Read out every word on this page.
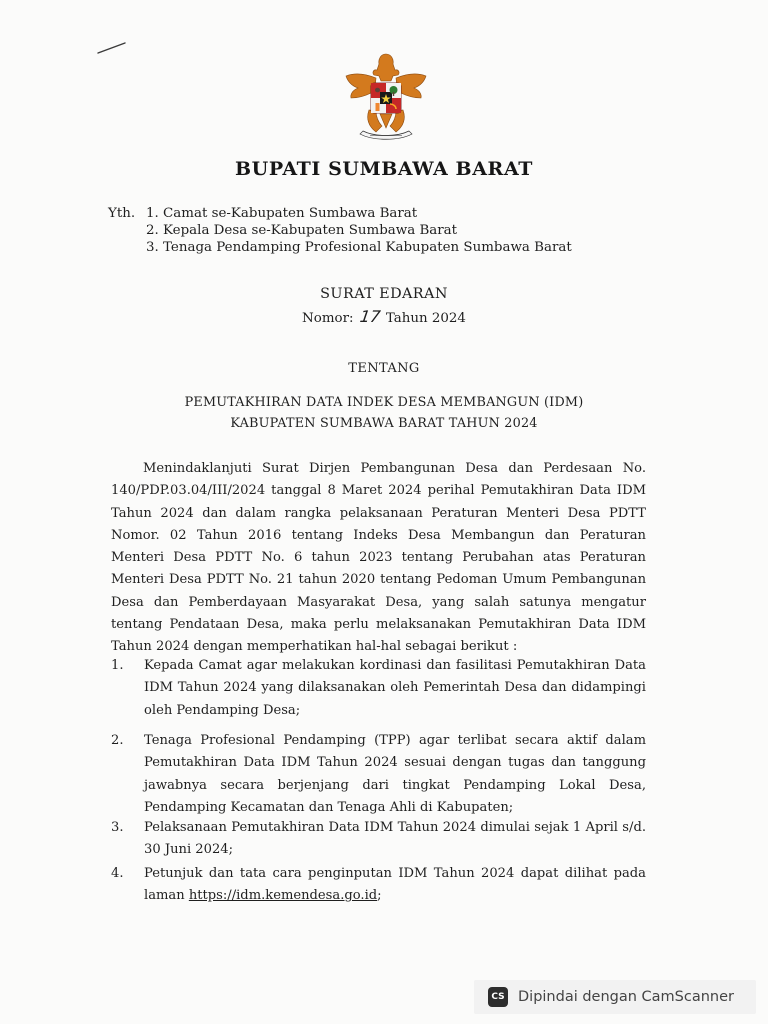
BUPATI SUMBAWA BARAT
Yth. 1. Camat se-Kabupaten Sumbawa Barat
2. Kepala Desa se-Kabupaten Sumbawa Barat
3. Tenaga Pendamping Profesional Kabupaten Sumbawa Barat
SURAT EDARAN
Nomor: 17 Tahun 2024
TENTANG
PEMUTAKHIRAN DATA INDEK DESA MEMBANGUN (IDM)
KABUPATEN SUMBAWA BARAT TAHUN 2024
Menindaklanjuti Surat Dirjen Pembangunan Desa dan Perdesaan No. 140/PDP.03.04/III/2024 tanggal 8 Maret 2024 perihal Pemutakhiran Data IDM Tahun 2024 dan dalam rangka pelaksanaan Peraturan Menteri Desa PDTT Nomor. 02 Tahun 2016 tentang Indeks Desa Membangun dan Peraturan Menteri Desa PDTT No. 6 tahun 2023 tentang Perubahan atas Peraturan Menteri Desa PDTT No. 21 tahun 2020 tentang Pedoman Umum Pembangunan Desa dan Pemberdayaan Masyarakat Desa, yang salah satunya mengatur tentang Pendataan Desa, maka perlu melaksanakan Pemutakhiran Data IDM Tahun 2024 dengan memperhatikan hal-hal sebagai berikut :
1.	Kepada Camat agar melakukan kordinasi dan fasilitasi Pemutakhiran Data IDM Tahun 2024 yang dilaksanakan oleh Pemerintah Desa dan didampingi oleh Pendamping Desa;
2.	Tenaga Profesional Pendamping (TPP) agar terlibat secara aktif dalam Pemutakhiran Data IDM Tahun 2024 sesuai dengan tugas dan tanggung jawabnya secara berjenjang dari tingkat Pendamping Lokal Desa, Pendamping Kecamatan dan Tenaga Ahli di Kabupaten;
3.	Pelaksanaan Pemutakhiran Data IDM Tahun 2024 dimulai sejak 1 April s/d. 30 Juni 2024;
4.	Petunjuk dan tata cara penginputan IDM Tahun 2024 dapat dilihat pada laman https://idm.kemendesa.go.id;
CS Dipindai dengan CamScanner
